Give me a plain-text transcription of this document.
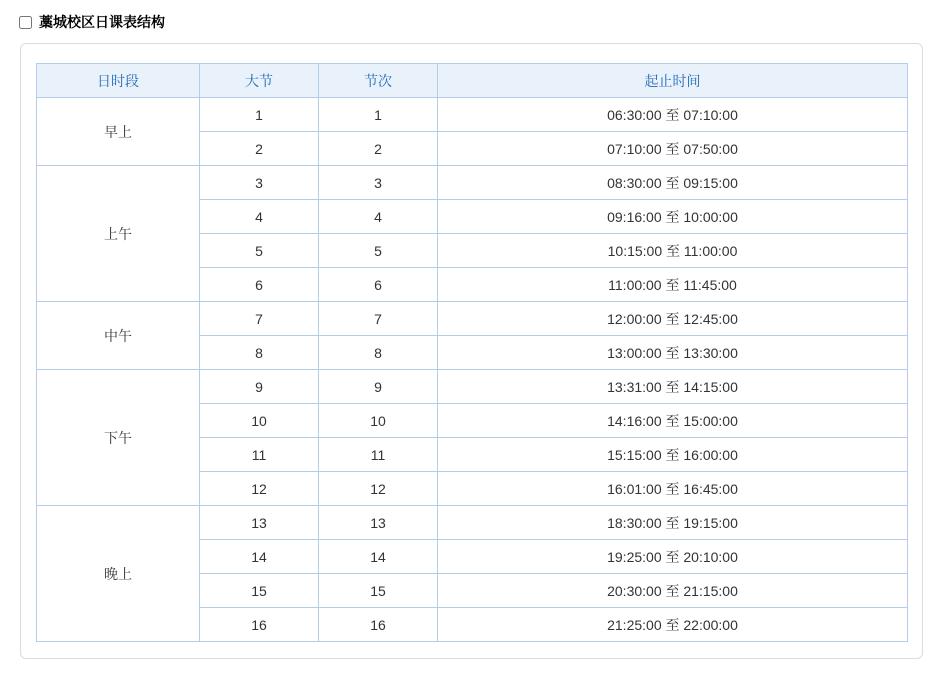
藁城校区日课表结构
日时段	大节	节次	起止时间
早上	1	1	06:30:00 至 07:10:00
	2	2	07:10:00 至 07:50:00
上午	3	3	08:30:00 至 09:15:00
	4	4	09:16:00 至 10:00:00
	5	5	10:15:00 至 11:00:00
	6	6	11:00:00 至 11:45:00
中午	7	7	12:00:00 至 12:45:00
	8	8	13:00:00 至 13:30:00
下午	9	9	13:31:00 至 14:15:00
	10	10	14:16:00 至 15:00:00
	11	11	15:15:00 至 16:00:00
	12	12	16:01:00 至 16:45:00
晚上	13	13	18:30:00 至 19:15:00
	14	14	19:25:00 至 20:10:00
	15	15	20:30:00 至 21:15:00
	16	16	21:25:00 至 22:00:00
